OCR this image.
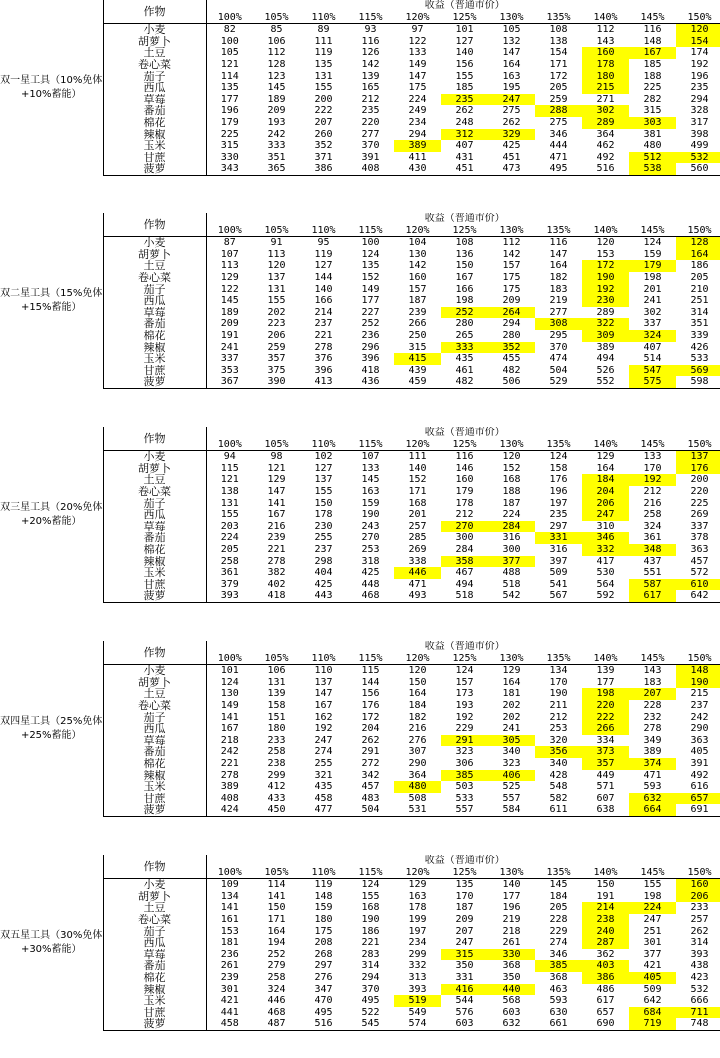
双一星工具（10%免体+10%蓄能）	作物	收益（普通市价）										
		100%	105%	110%	115%	120%	125%	130%	135%	140%	145%	150%
	小麦	82	85	89	93	97	101	105	108	112	116	120
	胡萝卜	100	106	111	116	122	127	132	138	143	148	154
	土豆	105	112	119	126	133	140	147	154	160	167	174
	卷心菜	121	128	135	142	149	156	164	171	178	185	192
	茄子	114	123	131	139	147	155	163	172	180	188	196
	西瓜	135	145	155	165	175	185	195	205	215	225	235
	草莓	177	189	200	212	224	235	247	259	271	282	294
	番茄	196	209	222	235	249	262	275	288	302	315	328
	棉花	179	193	207	220	234	248	262	275	289	303	317
	辣椒	225	242	260	277	294	312	329	346	364	381	398
	玉米	315	333	352	370	389	407	425	444	462	480	499
	甘蔗	330	351	371	391	411	431	451	471	492	512	532
	菠萝	343	365	386	408	430	451	473	495	516	538	560
双二星工具（15%免体+15%蓄能）	作物	收益（普通市价）										
		100%	105%	110%	115%	120%	125%	130%	135%	140%	145%	150%
	小麦	87	91	95	100	104	108	112	116	120	124	128
	胡萝卜	107	113	119	124	130	136	142	147	153	159	164
	土豆	113	120	127	135	142	150	157	164	172	179	186
	卷心菜	129	137	144	152	160	167	175	182	190	198	205
	茄子	122	131	140	149	157	166	175	183	192	201	210
	西瓜	145	155	166	177	187	198	209	219	230	241	251
	草莓	189	202	214	227	239	252	264	277	289	302	314
	番茄	209	223	237	252	266	280	294	308	322	337	351
	棉花	191	206	221	236	250	265	280	295	309	324	339
	辣椒	241	259	278	296	315	333	352	370	389	407	426
	玉米	337	357	376	396	415	435	455	474	494	514	533
	甘蔗	353	375	396	418	439	461	482	504	526	547	569
	菠萝	367	390	413	436	459	482	506	529	552	575	598
双三星工具（20%免体+20%蓄能）	作物	收益（普通市价）										
		100%	105%	110%	115%	120%	125%	130%	135%	140%	145%	150%
	小麦	94	98	102	107	111	116	120	124	129	133	137
	胡萝卜	115	121	127	133	140	146	152	158	164	170	176
	土豆	121	129	137	145	152	160	168	176	184	192	200
	卷心菜	138	147	155	163	171	179	188	196	204	212	220
	茄子	131	141	150	159	168	178	187	197	206	216	225
	西瓜	155	167	178	190	201	212	224	235	247	258	269
	草莓	203	216	230	243	257	270	284	297	310	324	337
	番茄	224	239	255	270	285	300	316	331	346	361	378
	棉花	205	221	237	253	269	284	300	316	332	348	363
	辣椒	258	278	298	318	338	358	377	397	417	437	457
	玉米	361	382	404	425	446	467	488	509	530	551	572
	甘蔗	379	402	425	448	471	494	518	541	564	587	610
	菠萝	393	418	443	468	493	518	542	567	592	617	642
双四星工具（25%免体+25%蓄能）	作物	收益（普通市价）										
		100%	105%	110%	115%	120%	125%	130%	135%	140%	145%	150%
	小麦	101	106	110	115	120	124	129	134	139	143	148
	胡萝卜	124	131	137	144	150	157	164	170	177	183	190
	土豆	130	139	147	156	164	173	181	190	198	207	215
	卷心菜	149	158	167	176	184	193	202	211	220	228	237
	茄子	141	151	162	172	182	192	202	212	222	232	242
	西瓜	167	180	192	204	216	229	241	253	266	278	290
	草莓	218	233	247	262	276	291	305	320	334	349	363
	番茄	242	258	274	291	307	323	340	356	373	389	405
	棉花	221	238	255	272	290	306	323	340	357	374	391
	辣椒	278	299	321	342	364	385	406	428	449	471	492
	玉米	389	412	435	457	480	503	525	548	571	593	616
	甘蔗	408	433	458	483	508	533	557	582	607	632	657
	菠萝	424	450	477	504	531	557	584	611	638	664	691
双五星工具（30%免体+30%蓄能）	作物	收益（普通市价）										
		100%	105%	110%	115%	120%	125%	130%	135%	140%	145%	150%
	小麦	109	114	119	124	129	135	140	145	150	155	160
	胡萝卜	134	141	148	155	163	170	177	184	191	198	206
	土豆	141	150	159	168	178	187	196	205	214	224	233
	卷心菜	161	171	180	190	199	209	219	228	238	247	257
	茄子	153	164	175	186	197	207	218	229	240	251	262
	西瓜	181	194	208	221	234	247	261	274	287	301	314
	草莓	236	252	268	283	299	315	330	346	362	377	393
	番茄	261	279	297	314	332	350	368	385	403	421	438
	棉花	239	258	276	294	313	331	350	368	386	405	423
	辣椒	301	324	347	370	393	416	440	463	486	509	532
	玉米	421	446	470	495	519	544	568	593	617	642	666
	甘蔗	441	468	495	522	549	576	603	630	657	684	711
	菠萝	458	487	516	545	574	603	632	661	690	719	748
